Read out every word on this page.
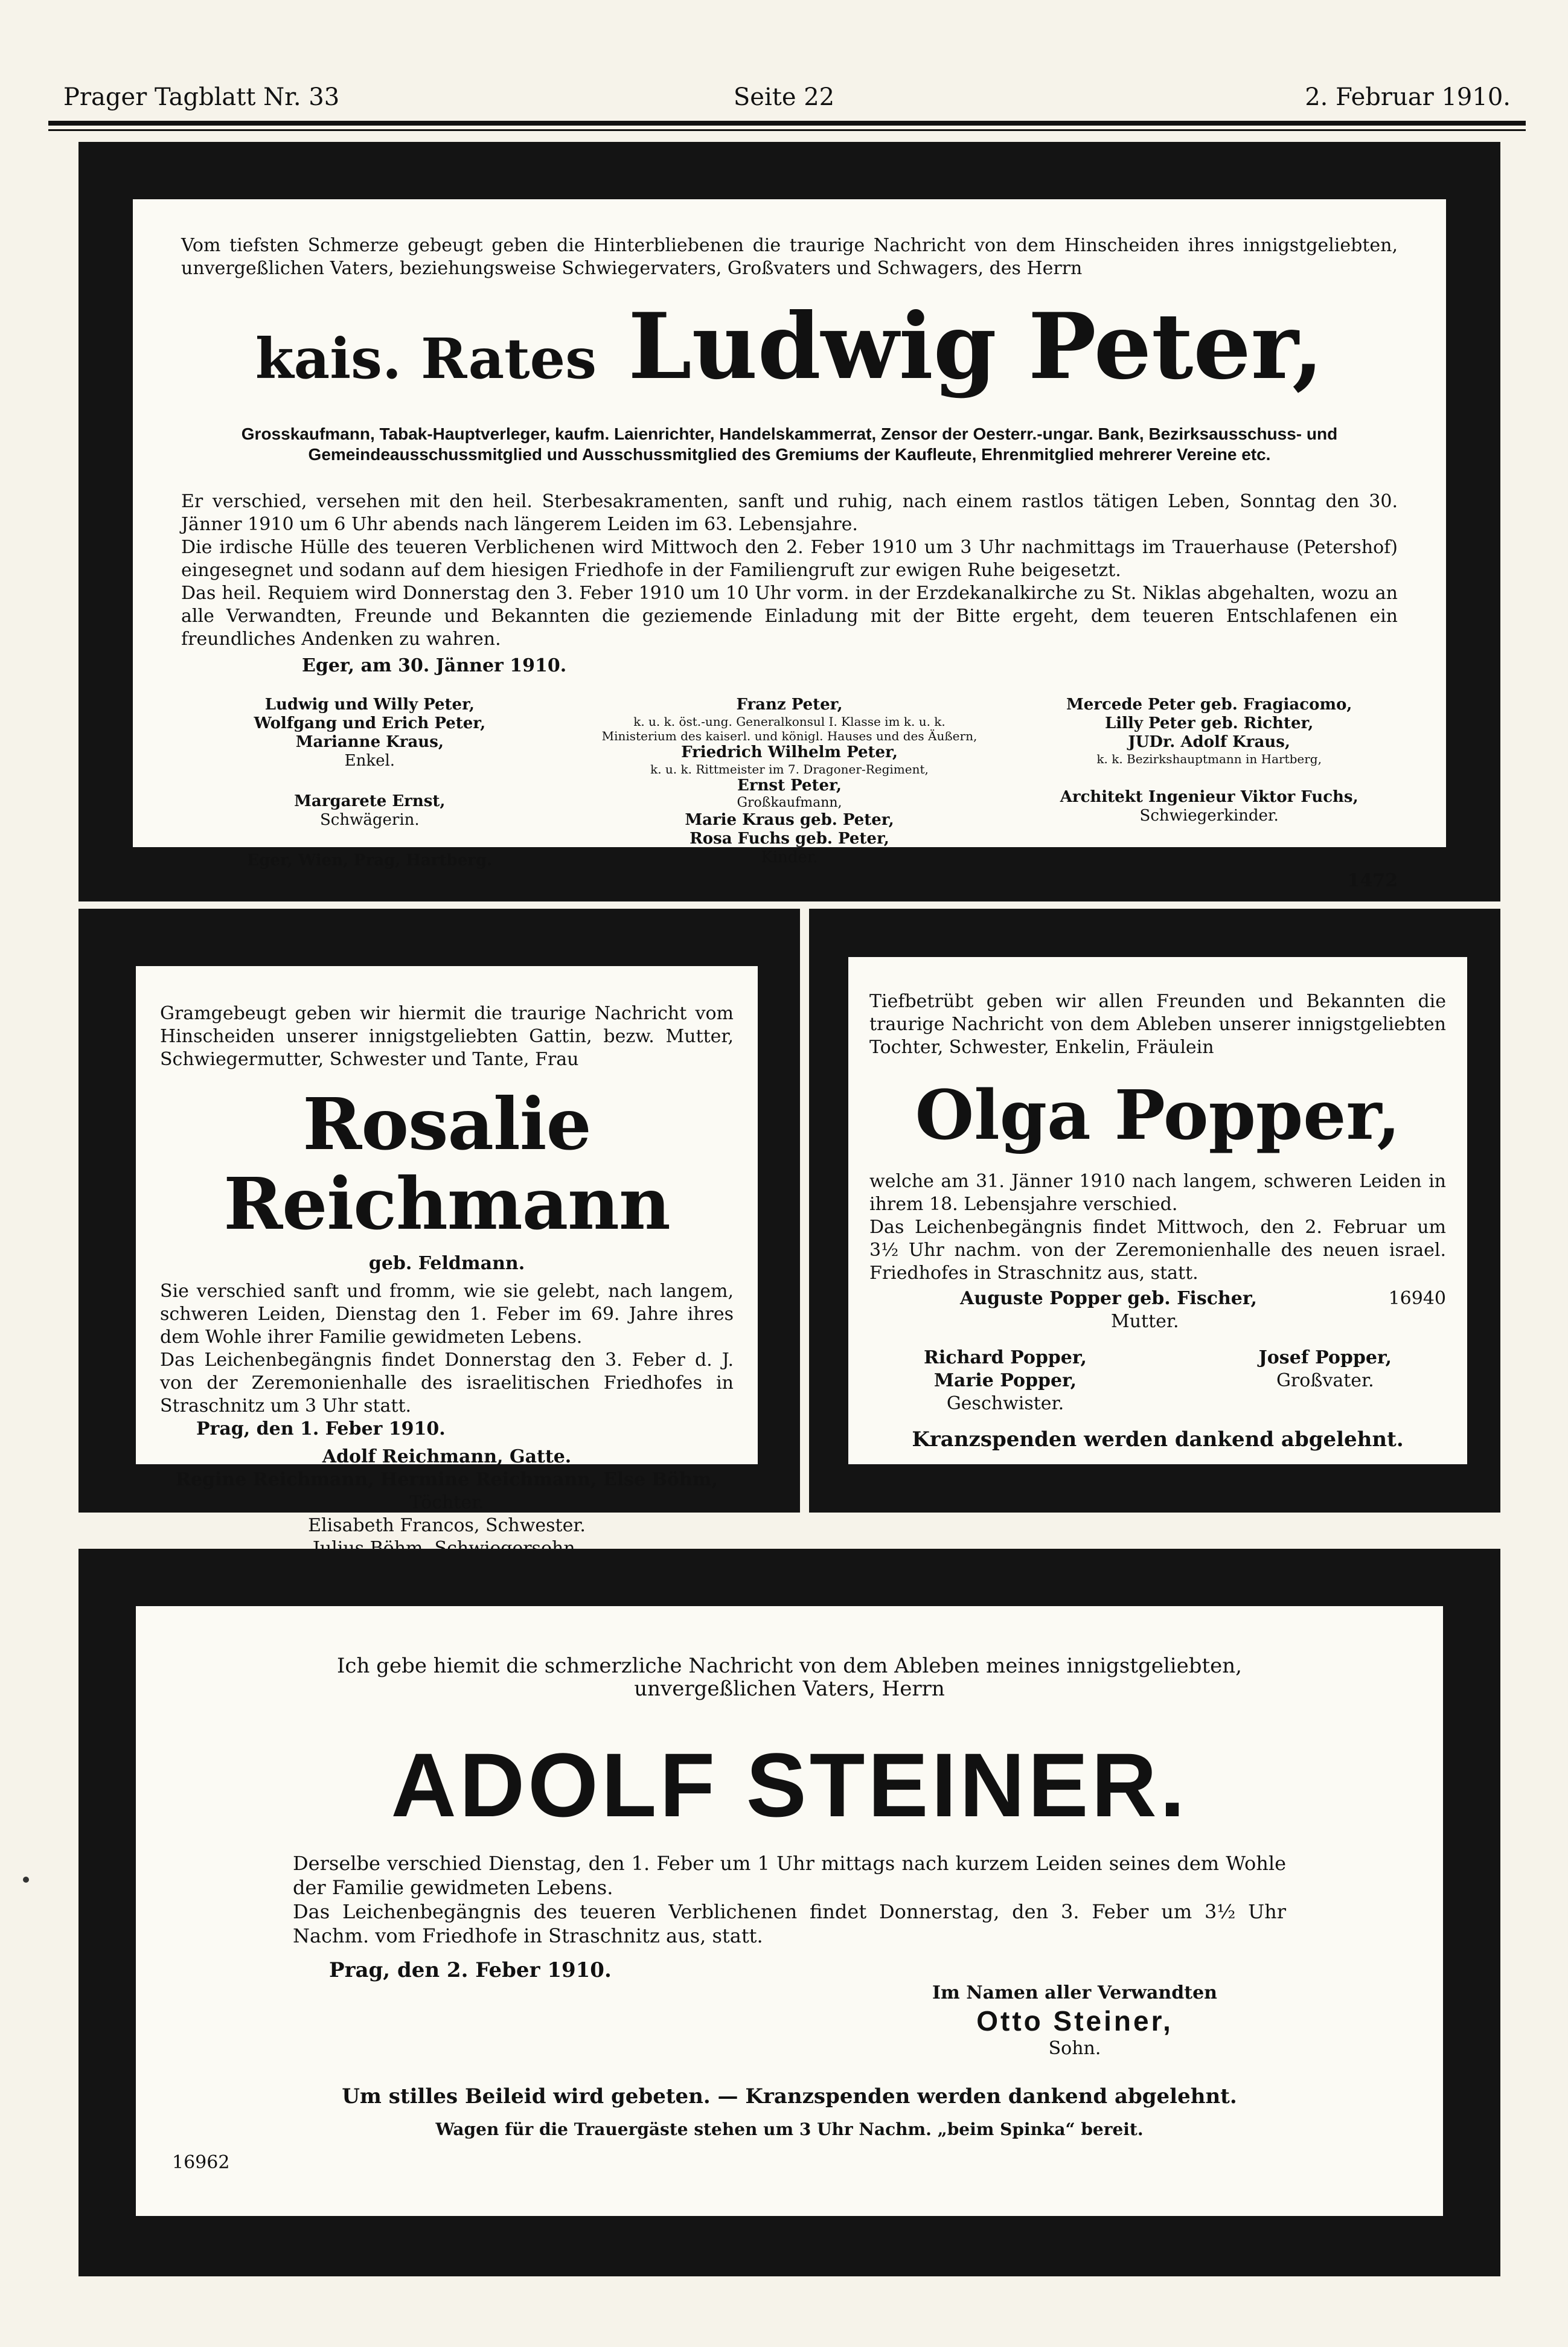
Prager Tagblatt Nr. 33	Seite 22	2. Februar 1910.
Vom tiefsten Schmerze gebeugt geben die Hinterbliebenen die traurige Nachricht von dem Hinscheiden ihres innigstgeliebten, unvergeßlichen Vaters, beziehungsweise Schwiegervaters, Großvaters und Schwagers, des Herrn
kais. Rates Ludwig Peter,
Grosskaufmann, Tabak-Hauptverleger, kaufm. Laienrichter, Handelskammerrat, Zensor der Oesterr.-ungar. Bank, Bezirksausschuss- und Gemeindeausschussmitglied und Ausschussmitglied des Gremiums der Kaufleute, Ehrenmitglied mehrerer Vereine etc.
Er verschied, versehen mit den heil. Sterbesakramenten, sanft und ruhig, nach einem rastlos tätigen Leben, Sonntag den 30. Jänner 1910 um 6 Uhr abends nach längerem Leiden im 63. Lebensjahre.
Die irdische Hülle des teueren Verblichenen wird Mittwoch den 2. Feber 1910 um 3 Uhr nachmittags im Trauerhause (Petershof) eingesegnet und sodann auf dem hiesigen Friedhofe in der Familiengruft zur ewigen Ruhe beigesetzt.
Das heil. Requiem wird Donnerstag den 3. Feber 1910 um 10 Uhr vorm. in der Erzdekanalkirche zu St. Niklas abgehalten, wozu an alle Verwandten, Freunde und Bekannten die geziemende Einladung mit der Bitte ergeht, dem teueren Entschlafenen ein freundliches Andenken zu wahren.
Eger, am 30. Jänner 1910.
Ludwig und Willy Peter,
Wolfgang und Erich Peter,
Marianne Kraus,
Enkel.
Margarete Ernst,
Schwägerin.
Eger, Wien, Prag, Hartberg.
Franz Peter,
k. u. k. öst.-ung. Generalkonsul I. Klasse im k. u. k. Ministerium des kaiserl. und königl. Hauses und des Äußern,
Friedrich Wilhelm Peter,
k. u. k. Rittmeister im 7. Dragoner-Regiment,
Ernst Peter,
Großkaufmann,
Marie Kraus geb. Peter,
Rosa Fuchs geb. Peter,
Kinder.
Mercede Peter geb. Fragiacomo,
Lilly Peter geb. Richter,
JUDr. Adolf Kraus,
k. k. Bezirkshauptmann in Hartberg,
Architekt Ingenieur Viktor Fuchs,
Schwiegerkinder.
1472
Gramgebeugt geben wir hiermit die traurige Nachricht vom Hinscheiden unserer innigstgeliebten Gattin, bezw. Mutter, Schwiegermutter, Schwester und Tante, Frau
Rosalie Reichmann
geb. Feldmann.
Sie verschied sanft und fromm, wie sie gelebt, nach langem, schweren Leiden, Dienstag den 1. Feber im 69. Jahre ihres dem Wohle ihrer Familie gewidmeten Lebens.
Das Leichenbegängnis findet Donnerstag den 3. Feber d. J. von der Zeremonienhalle des israelitischen Friedhofes in Straschnitz um 3 Uhr statt.
Prag, den 1. Feber 1910.
Adolf Reichmann, Gatte.
Regine Reichmann, Hermine Reichmann, Else Böhm,
Töchter.
Elisabeth Francos, Schwester.
Tiefbetrübt geben wir allen Freunden und Bekannten die traurige Nachricht von dem Ableben unserer innigstgeliebten Tochter, Schwester, Enkelin, Fräulein
Olga Popper,
welche am 31. Jänner 1910 nach langem, schweren Leiden in ihrem 18. Lebensjahre verschied.
Das Leichenbegängnis findet Mittwoch, den 2. Februar um 3½ Uhr nachm. von der Zeremonienhalle des neuen israel. Friedhofes in Straschnitz aus, statt.
Auguste Popper geb. Fischer,	16940
Mutter.
Richard Popper,
Marie Popper,
Geschwister.
Josef Popper,
Großvater.
Kranzspenden werden dankend abgelehnt.
Ich gebe hiemit die schmerzliche Nachricht von dem Ableben meines innigstgeliebten, unvergeßlichen Vaters, Herrn
ADOLF STEINER.
Derselbe verschied Dienstag, den 1. Feber um 1 Uhr mittags nach kurzem Leiden seines dem Wohle der Familie gewidmeten Lebens.
Das Leichenbegängnis des teueren Verblichenen findet Donnerstag, den 3. Feber um 3½ Uhr Nachm. vom Friedhofe in Straschnitz aus, statt.
Prag, den 2. Feber 1910.
Im Namen aller Verwandten
Otto Steiner,
Sohn.
Um stilles Beileid wird gebeten. — Kranzspenden werden dankend abgelehnt.
Wagen für die Trauergäste stehen um 3 Uhr Nachm. „beim Spinka“ bereit.
16962
